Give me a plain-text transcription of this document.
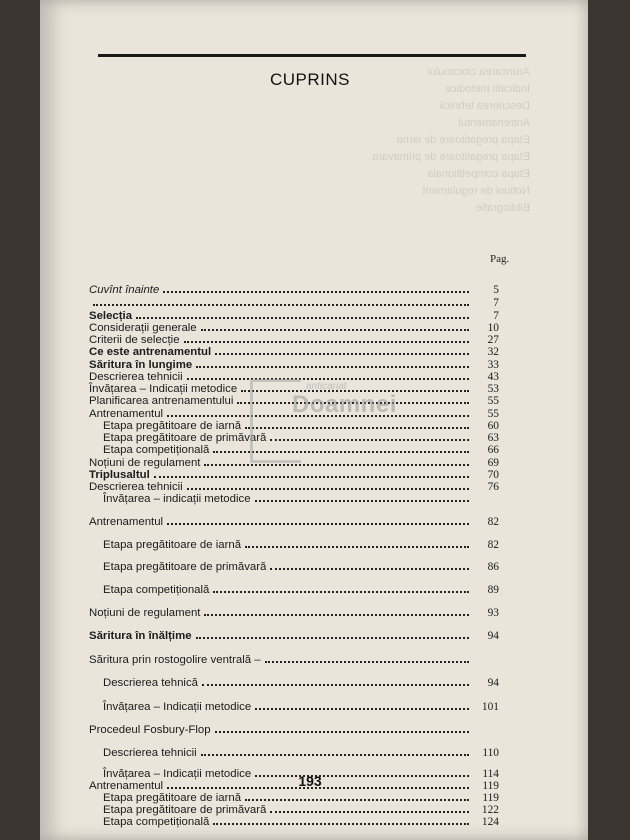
CUPRINS	Aruncarea ciocanului
Indicatii metodice
Descrierea tehnicii
Antrenamentul
Etapa pregatitoare de iarna
Etapa pregatitoare de primavara
Etapa competitionala
Notiuni de regulament
Bibliografie
Pag.
Cuvînt înainte	5
7
Selecția	7
Considerații generale	10
Criterii de selecție	27
Ce este antrenamentul	32
Săritura în lungime	33
Descrierea tehnicii	43
Învățarea – Indicații metodice	53
Planificarea antrenamentului	55
Antrenamentul	55
Etapa pregătitoare de iarnă	60
Etapa pregătitoare de primăvară	63
Etapa competițională	66
Noțiuni de regulament	69
Triplusaltul	70
Descrierea tehnicii	76
Învățarea – indicații metodice
Antrenamentul	82
Etapa pregătitoare de iarnă	82
Etapa pregătitoare de primăvară	86
Etapa competițională	89
Noțiuni de regulament	93
Săritura în înălțime	94
Săritura prin rostogolire ventrală –
Descrierea tehnică	94
Învățarea – Indicații metodice	101
Procedeul Fosbury-Flop
Descrierea tehnicii	110
Învățarea – Indicații metodice	114
Antrenamentul	119
Etapa pregătitoare de iarnă	119
Etapa pregătitoare de primăvară	122
Etapa competițională	124
anticariat
Doamnei
193
